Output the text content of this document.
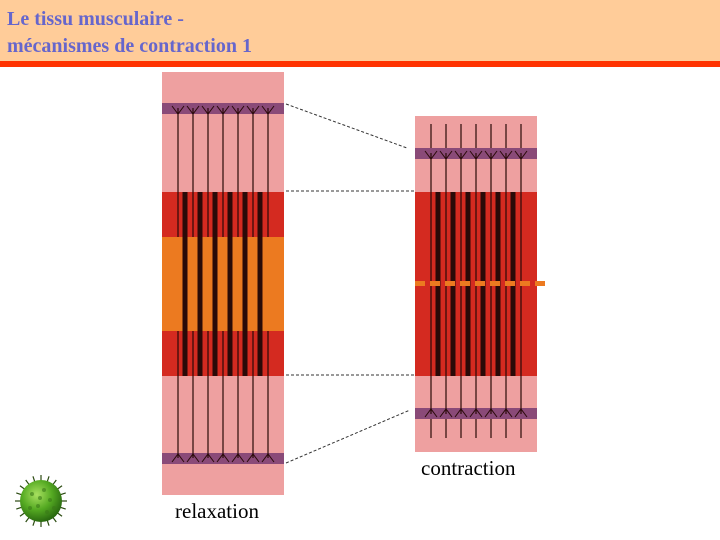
Le tissu musculaire -
mécanismes de contraction 1
contraction
relaxation
